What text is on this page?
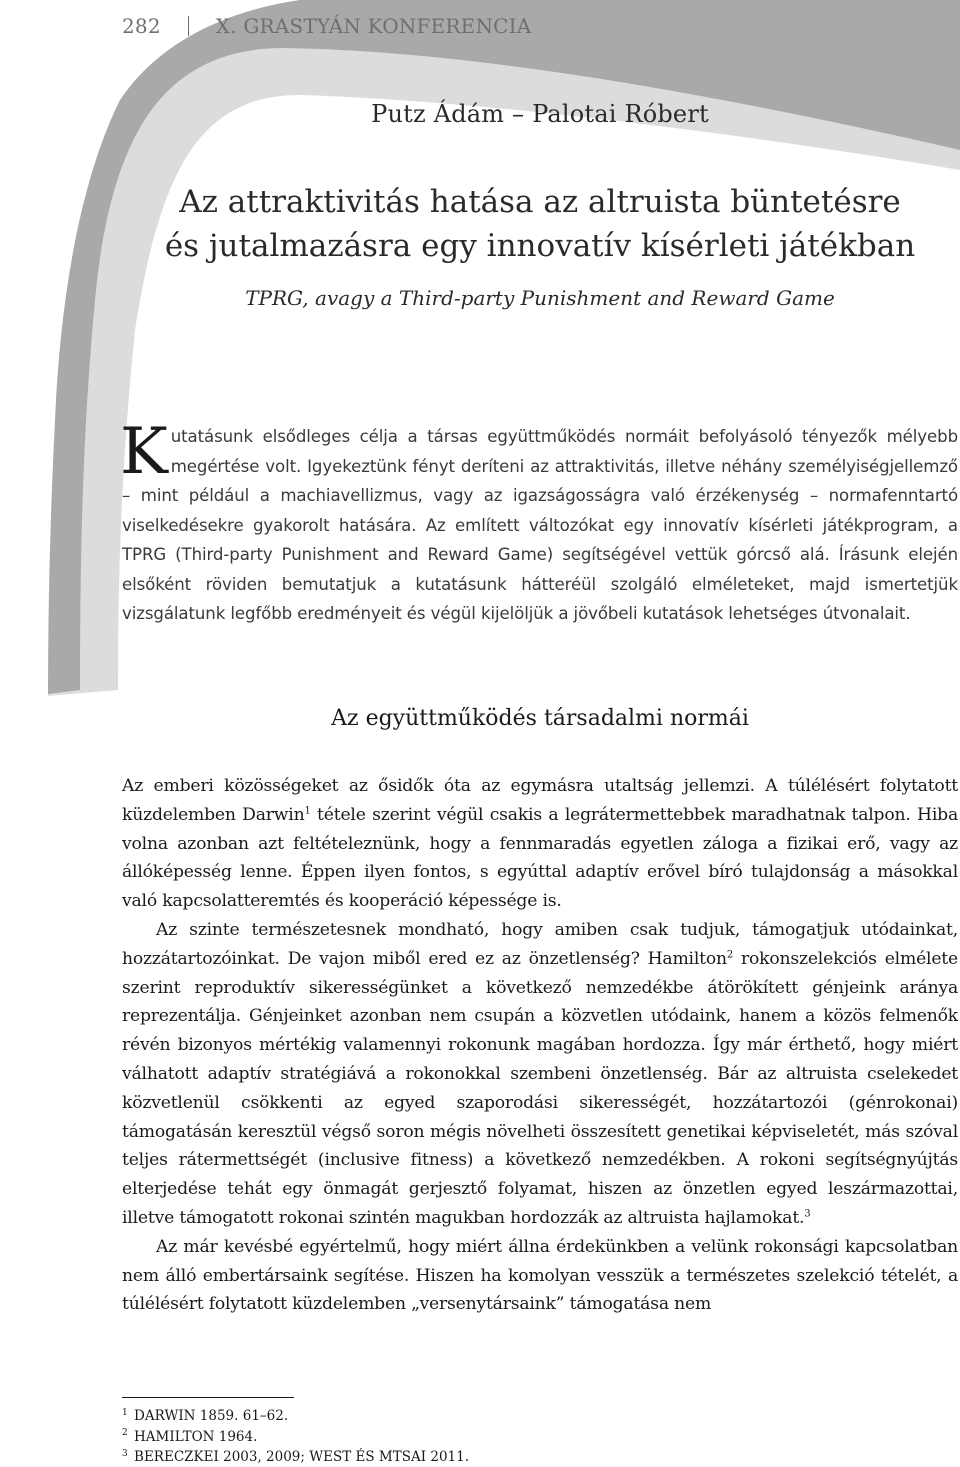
282	X. GRASTYÁN KONFERENCIA
Putz Ádám – Palotai Róbert
Az attraktivitás hatása az altruista büntetésre
és jutalmazásra egy innovatív kísérleti játékban
TPRG, avagy a Third-party Punishment and Reward Game
Kutatásunk elsődleges célja a társas együttműködés normáit befolyásoló tényezők mélyebb megértése volt. Igyekeztünk fényt deríteni az attraktivitás, illetve néhány személyiségjellemző – mint például a machiavellizmus, vagy az igazságosságra való érzékenység – normafenntartó viselkedésekre gyakorolt hatására. Az említett változókat egy innovatív kísérleti játékprogram, a TPRG (Third-party Punishment and Reward Game) segítségével vettük górcső alá. Írásunk elején elsőként röviden bemutatjuk a kutatásunk hátteréül szolgáló elméleteket, majd ismertetjük vizsgálatunk legfőbb eredményeit és végül kijelöljük a jövőbeli kutatások lehetséges útvonalait.
Az együttműködés társadalmi normái

Az emberi közösségeket az ősidők óta az egymásra utaltság jellemzi. A túlélésért folytatott küzdelemben Darwin$^1$ tétele szerint végül csakis a legrátermettebbek maradhatnak talpon. Hiba volna azonban azt feltételeznünk, hogy a fennmaradás egyetlen záloga a fizikai erő, vagy az állóképesség lenne. Éppen ilyen fontos, s egyúttal adaptív erővel bíró tulajdonság a másokkal való kapcsolatteremtés és kooperáció képessége is.

Az szinte természetesnek mondható, hogy amiben csak tudjuk, támogatjuk utódainkat, hozzátartozóinkat. De vajon miből ered ez az önzetlenség? Hamilton$^2$ rokonszelekciós elmélete szerint reproduktív sikerességünket a következő nemzedékbe átörökített génjeink aránya reprezentálja. Génjeinket azonban nem csupán a közvetlen utódaink, hanem a közös felmenők révén bizonyos mértékig valamennyi rokonunk magában hordozza. Így már érthető, hogy miért válhatott adaptív stratégiává a rokonokkal szembeni önzetlenség. Bár az altruista cselekedet közvetlenül csökkenti az egyed szaporodási sikerességét, hozzátartozói (génrokonai) támogatásán keresztül végső soron mégis növelheti összesített genetikai képviseletét, más szóval teljes rátermettségét (inclusive fitness) a következő nemzedékben. A rokoni segítségnyújtás elterjedése tehát egy önmagát gerjesztő folyamat, hiszen az önzetlen egyed leszármazottai, illetve támogatott rokonai szintén magukban hordozzák az altruista hajlamokat.$^3$

Az már kevésbé egyértelmű, hogy miért állna érdekünkben a velünk rokonsági kapcsolatban nem álló embertársaink segítése. Hiszen ha komolyan vesszük a természetes szelekció tételét, a túlélésért folytatott küzdelemben „versenytársaink” támogatása nem

$^1$ DARWIN 1859. 61–62.
$^2$ HAMILTON 1964.
$^3$ BERECZKEI 2003, 2009; WEST ÉS MTSAI 2011.
